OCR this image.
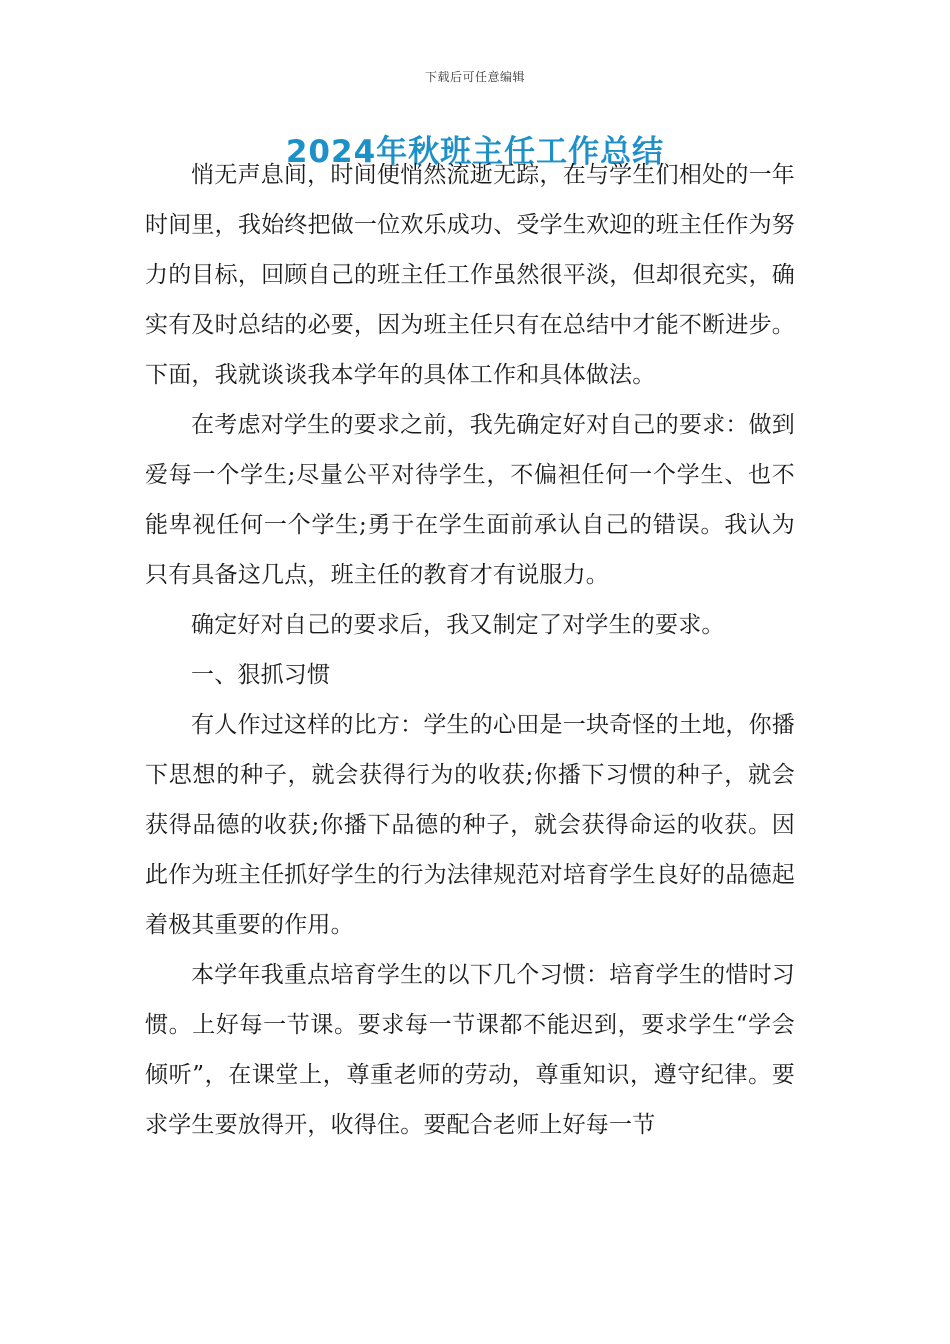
下载后可任意编辑
2024年秋班主任工作总结

悄无声息间，时间便悄然流逝无踪，在与学生们相处的一年时间里，我始终把做一位欢乐成功、受学生欢迎的班主任作为努力的目标，回顾自己的班主任工作虽然很平淡，但却很充实，确实有及时总结的必要，因为班主任只有在总结中才能不断进步。下面，我就谈谈我本学年的具体工作和具体做法。

在考虑对学生的要求之前，我先确定好对自己的要求：做到爱每一个学生;尽量公平对待学生，不偏袒任何一个学生、也不能卑视任何一个学生;勇于在学生面前承认自己的错误。我认为只有具备这几点，班主任的教育才有说服力。

确定好对自己的要求后，我又制定了对学生的要求。

一、狠抓习惯

有人作过这样的比方：学生的心田是一块奇怪的土地，你播下思想的种子，就会获得行为的收获;你播下习惯的种子，就会获得品德的收获;你播下品德的种子，就会获得命运的收获。因此作为班主任抓好学生的行为法律规范对培育学生良好的品德起着极其重要的作用。

本学年我重点培育学生的以下几个习惯：培育学生的惜时习惯。上好每一节课。要求每一节课都不能迟到，要求学生“学会倾听”，在课堂上，尊重老师的劳动，尊重知识，遵守纪律。要求学生要放得开，收得住。要配合老师上好每一节
